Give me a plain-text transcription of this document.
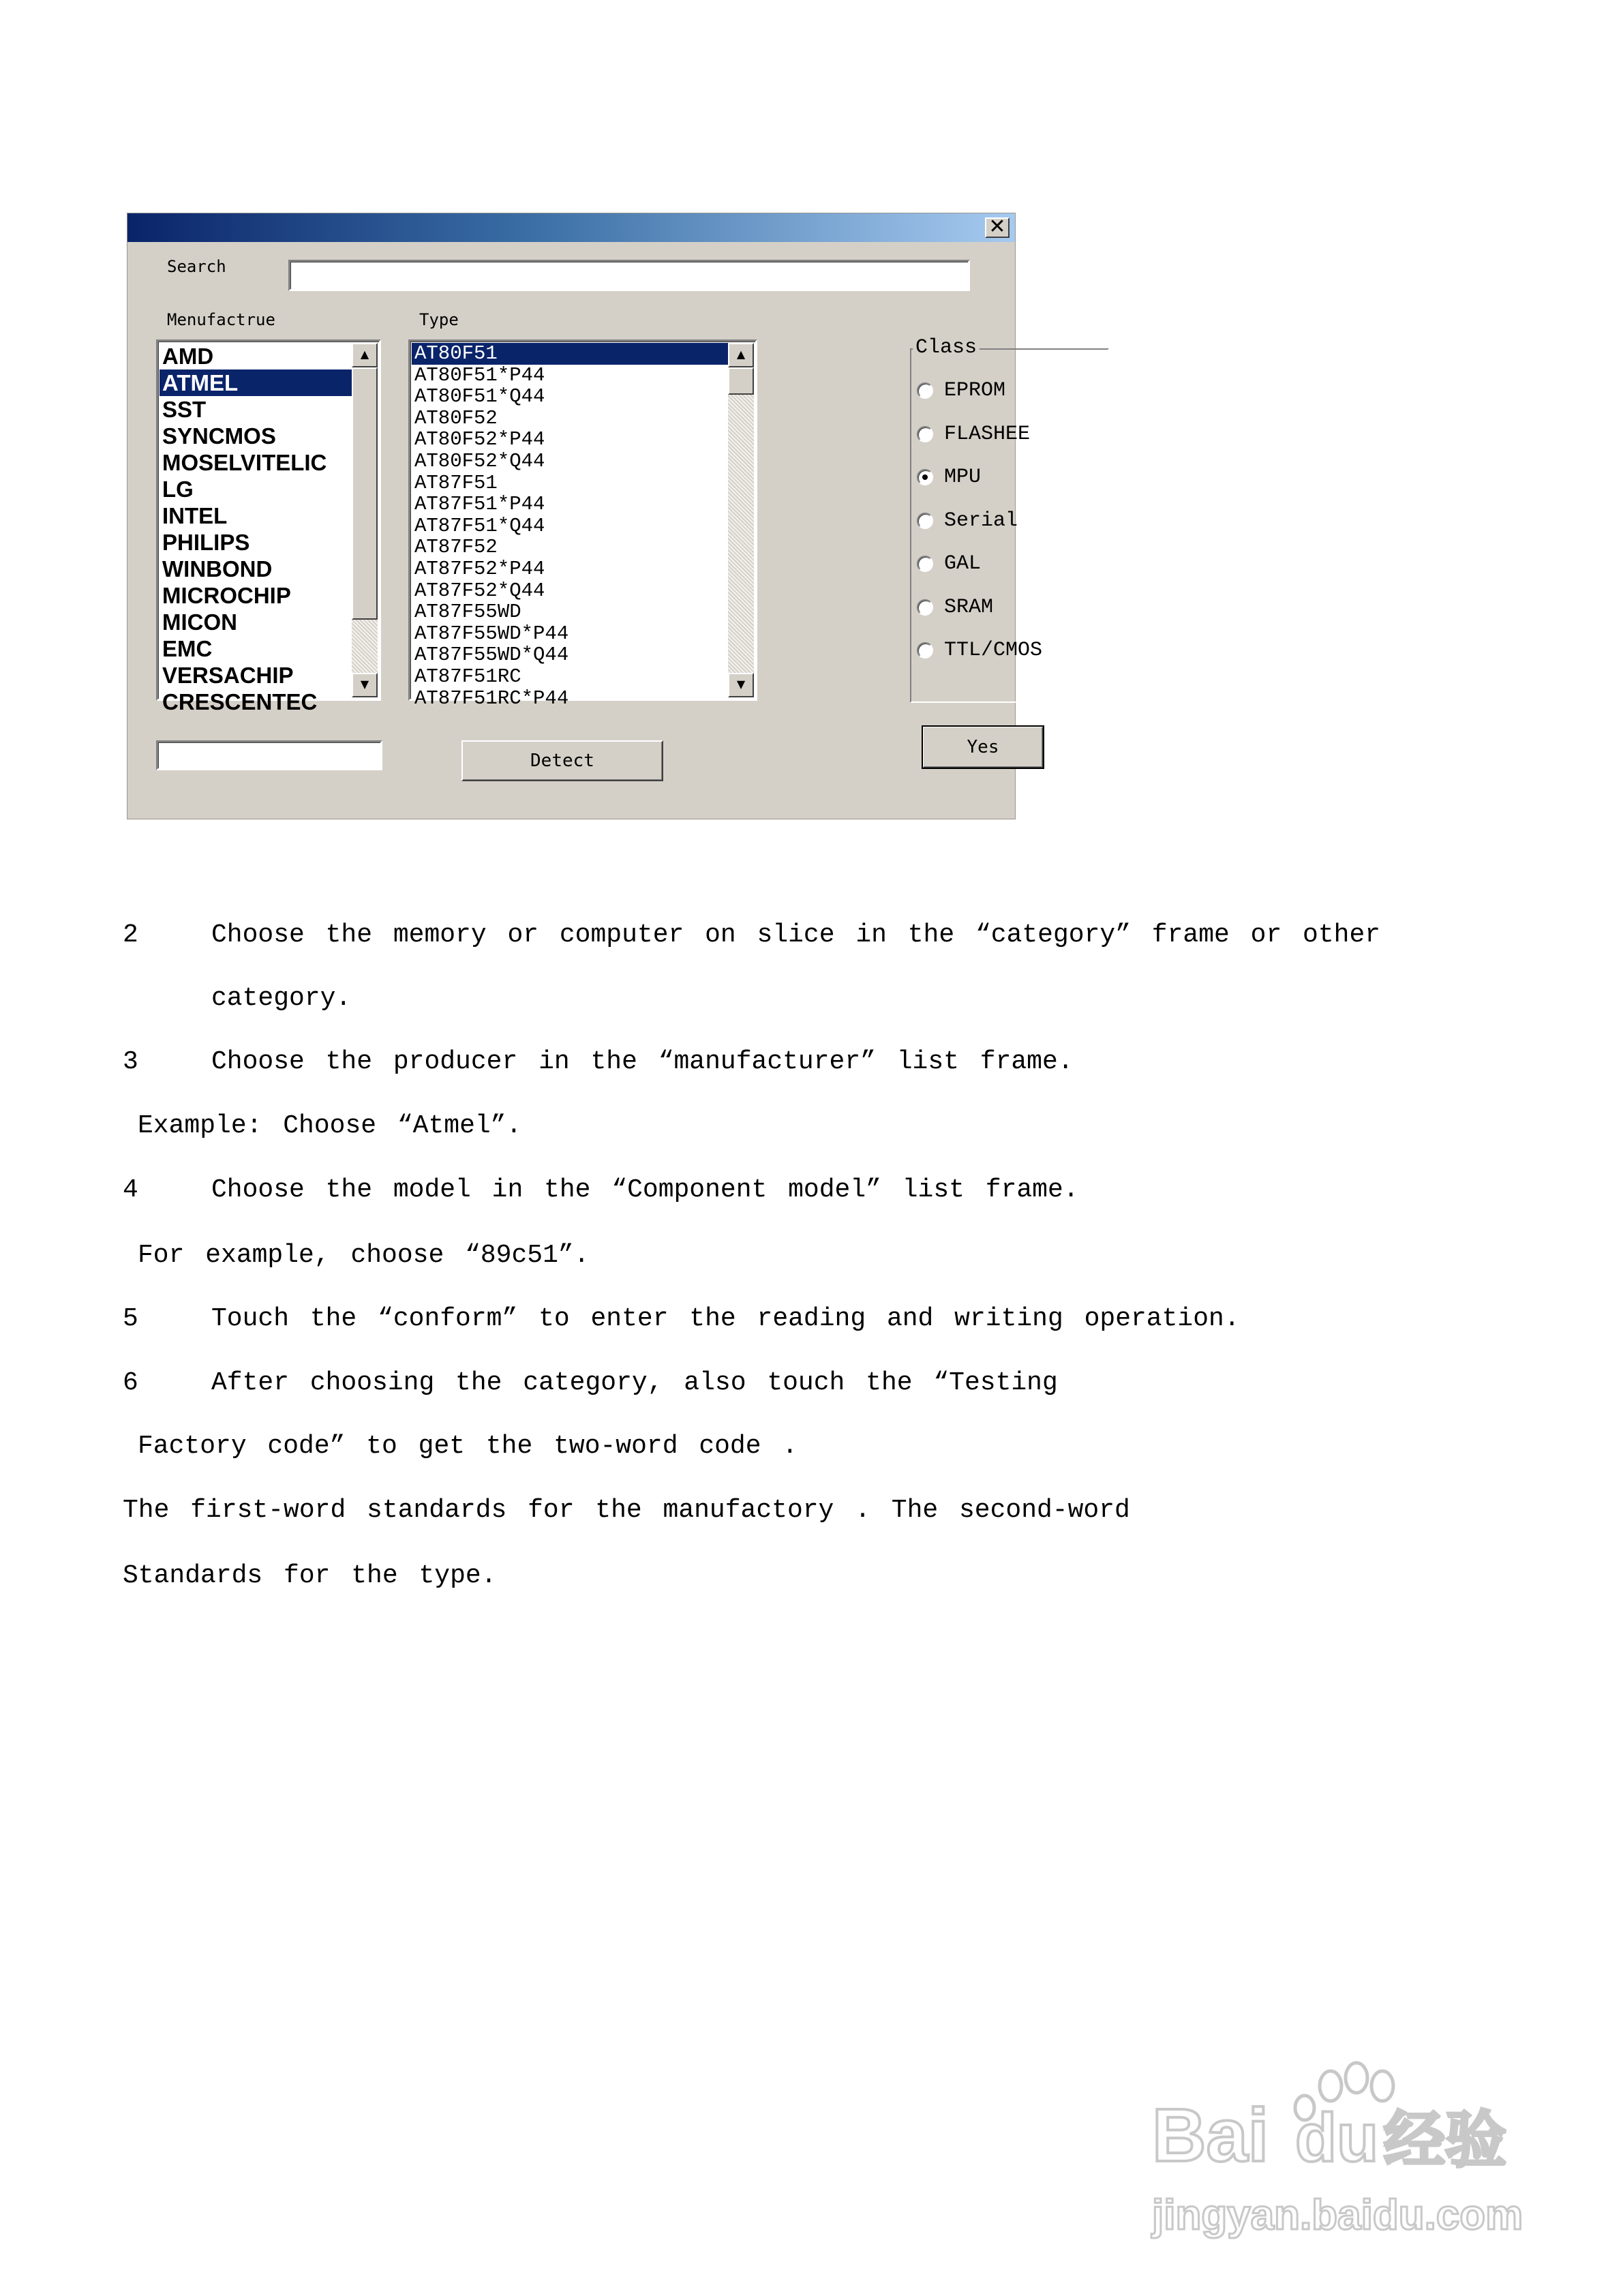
✕
Search
Menufactrue	Type
AMD
ATMEL
SST
SYNCMOS
MOSELVITELIC
LG
INTEL
PHILIPS
WINBOND
MICROCHIP
MICON
EMC
VERSACHIP
CRESCENTEC
▲
▼
AT80F51
AT80F51*P44
AT80F51*Q44
AT80F52
AT80F52*P44
AT80F52*Q44
AT87F51
AT87F51*P44
AT87F51*Q44
AT87F52
AT87F52*P44
AT87F52*Q44
AT87F55WD
AT87F55WD*P44
AT87F55WD*Q44
AT87F51RC
AT87F51RC*P44
▲
▼
Class
Detect
Yes
EPROM
FLASHEE
MPU
Serial
GAL
SRAM
TTL/CMOS
2	Choose the memory or computer on slice in the “category” frame or other
category.
3	Choose the producer in the “manufacturer” list frame.
Example: Choose “Atmel”.
4	Choose the model in the “Component model” list frame.
For example, choose “89c51”.
5	Touch the “conform” to enter the reading and writing operation.
6	After choosing the category, also touch the “Testing
Factory code” to get the two-word code .
The first-word standards for the manufactory . The second-word
Standards for the type.
Bai du 经验
jingyan.baidu.com
